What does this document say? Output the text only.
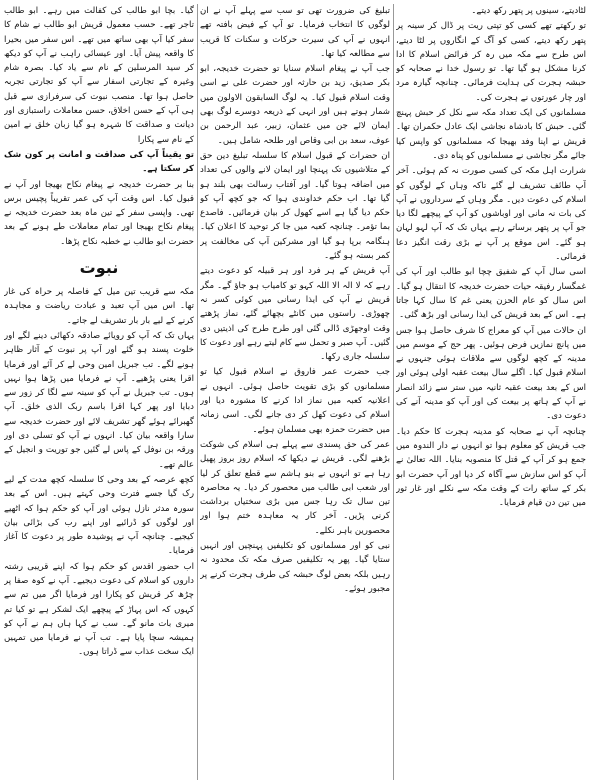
گیا۔ بچا ابو طالب کی کفالت میں رہے۔ ابو طالب تاجر تھے۔ حسب معمول قریش ابو طالب نے شام کا سفر کیا آپ بھی ساتھ میں تھے۔ اس سفر میں بحیرا کا واقعہ پیش آیا۔ اور عیسائی راہب نے آپ کو دیکھ کر سید المرسلین کے نام سے یاد کیا۔ بصرہ شام وغیرہ کے تجارتی اسفار سے آپ کو تجارتی تجربہ حاصل ہوا تھا۔ منصب نبوت کی سرفرازی سے قبل ہی آپ کے حسن اخلاق، حسن معاملات راستبازی اور دیانت و صداقت کا شہرہ ہو گیا زبان خلق نے امین کے نام سے پکارا

تو یقیناً آپ کی صداقت و امانت پر کون شک کر سکتا ہے۔

بنا بر حضرت خدیجہ نے پیغام نکاح بھیجا اور آپ نے قبول کیا۔ اس وقت آپ کی عمر تقریباً پچیس برس تھی۔ واپسی سفر کے تین ماہ بعد حضرت خدیجہ نے پیغام نکاح بھیجا اور تمام معاملات طے ہونے کے بعد حضرت ابو طالب نے خطبہ نکاح پڑھا۔

نبوت

مکہ سے قریب تین میل کے فاصلہ پر حراہ کی غار تھا۔ اس میں آپ تعبد و عبادت ریاضت و مجاہدہ کرنے کے لیے بار بار تشریف لے جاتے۔

یہاں تک کہ آپ کو رویائے صادقہ دکھائی دینے لگے اور خلوت پسند ہو گئے اور آپ پر نبوت کے آثار ظاہر ہونے لگے۔ تب جبریل امین وحی لے کر آئے اور فرمایا اقرا یعنی پڑھیے۔ آپ نے فرمایا میں پڑھا ہوا نہیں ہوں۔ تب جبریل نے آپ کو سینہ سے لگا کر زور سے دبایا اور پھر کہا اقرا باسم ربک الذی خلق۔ آپ گھبرائے ہوئے گھر تشریف لائے اور حضرت خدیجہ سے سارا واقعہ بیان کیا۔ انہوں نے آپ کو تسلی دی اور ورقہ بن نوفل کے پاس لے گئیں جو توریت و انجیل کے عالم تھے۔

کچھ عرصہ کے بعد وحی کا سلسلہ کچھ مدت کے لیے رک گیا جسے فترت وحی کہتے ہیں۔ اس کے بعد سورہ مدثر نازل ہوئی اور آپ کو حکم ہوا کہ اٹھیے اور لوگوں کو ڈرائیے اور اپنے رب کی بڑائی بیان کیجیے۔ چنانچہ آپ نے پوشیدہ طور پر دعوت کا آغاز فرمایا۔

اب حضور اقدس کو حکم ہوا کہ اپنے قریبی رشتہ داروں کو اسلام کی دعوت دیجیے۔ آپ نے کوہ صفا پر چڑھ کر قریش کو پکارا اور فرمایا اگر میں تم سے کہوں کہ اس پہاڑ کے پیچھے ایک لشکر ہے تو کیا تم میری بات مانو گے۔ سب نے کہا ہاں ہم نے آپ کو ہمیشہ سچا پایا ہے۔ تب آپ نے فرمایا میں تمہیں ایک سخت عذاب سے ڈراتا ہوں۔

تبلیغ کی ضرورت تھی تو سب سے پہلے آپ نے ان لوگوں کا انتخاب فرمایا۔ تو آپ کے فیض بافتہ تھے انہوں نے آپ کی سیرت حرکات و سکنات کا قریب سے مطالعہ کیا تھا۔

جب آپ نے پیغام اسلام سنایا تو حضرت خدیجہ، ابو بکر صدیق، زید بن حارثہ اور حضرت علی نے اسی وقت اسلام قبول کیا۔ یہ لوگ السابقون الاولون میں شمار ہوتے ہیں اور انہی کے ذریعہ دوسرے لوگ بھی ایمان لائے جن میں عثمان، زبیر، عبد الرحمن بن عوف، سعد بن ابی وقاص اور طلحہ شامل ہیں۔

ان حضرات کے قبول اسلام کا سلسلہ تبلیغ دین حق کے متلاشیوں تک پہنچا اور ایمان لانے والوں کی تعداد میں اضافہ ہوتا گیا۔ اور آفتاب رسالت بھی بلند ہو گیا تھا۔ اب حکم خداوندی ہوا کہ جو کچھ آپ کو حکم دیا گیا ہے اسے کھول کر بیان فرمائیں۔ فاصدع بما تؤمر۔ چنانچہ کعبہ میں جا کر توحید کا اعلان کیا۔ ہنگامہ برپا ہو گیا اور مشرکین آپ کی مخالفت پر کمر بستہ ہو گئے۔

آپ قریش کے ہر فرد اور ہر قبیلہ کو دعوت دیتے رہے کہ لا الہ الا اللہ کہو تو کامیاب ہو جاؤ گے۔ مگر قریش نے آپ کی ایذا رسانی میں کوئی کسر نہ چھوڑی۔ راستوں میں کانٹے بچھائے گئے، نماز پڑھتے وقت اوجھڑی ڈالی گئی اور طرح طرح کی اذیتیں دی گئیں۔ آپ صبر و تحمل سے کام لیتے رہے اور دعوت کا سلسلہ جاری رکھا۔

جب حضرت عمر فاروق نے اسلام قبول کیا تو مسلمانوں کو بڑی تقویت حاصل ہوئی۔ انہوں نے اعلانیہ کعبہ میں نماز ادا کرنے کا مشورہ دیا اور اسلام کی دعوت کھل کر دی جانے لگی۔ اسی زمانہ میں حضرت حمزہ بھی مسلمان ہوئے۔

عمر کی حق پسندی سے پہلے ہی اسلام کی شوکت بڑھنے لگی۔ قریش نے دیکھا کہ اسلام روز بروز پھیل رہا ہے تو انہوں نے بنو ہاشم سے قطع تعلق کر لیا اور شعب ابی طالب میں محصور کر دیا۔ یہ محاصرہ تین سال تک رہا جس میں بڑی سختیاں برداشت کرنی پڑیں۔ آخر کار یہ معاہدہ ختم ہوا اور محصورین باہر نکلے۔

نبی کو اور مسلمانوں کو تکلیفیں پہنچیں اور انہیں ستایا گیا۔ پھر یہ تکلیفیں صرف مکہ تک محدود نہ رہیں بلکہ بعض لوگ حبشہ کی طرف ہجرت کرنے پر مجبور ہوئے۔

لٹادیتے، سینوں پر پتھر رکھ دیتے۔

تو رکھتے تھے کسی کو تپتی ریت پر ڈال کر سینہ پر پتھر رکھ دیتے، کسی کو آگ کے انگاروں پر لٹا دیتے، اس طرح سے مکہ میں رہ کر فرائض اسلام کا ادا کرنا مشکل ہو گیا تھا۔ تو رسول خدا نے صحابہ کو حبشہ ہجرت کی ہدایت فرمائی۔ چنانچہ گیارہ مرد اور چار عورتوں نے ہجرت کی۔

مسلمانوں کی ایک تعداد مکہ سے نکل کر حبش پہنچ گئی۔ حبش کا بادشاہ نجاشی ایک عادل حکمران تھا۔ قریش نے اپنا وفد بھیجا کہ مسلمانوں کو واپس کیا جائے مگر نجاشی نے مسلمانوں کو پناہ دی۔

شرارت اہل مکہ کی کسی صورت نہ کم ہوئی۔ آخر آپ طائف تشریف لے گئے تاکہ وہاں کے لوگوں کو اسلام کی دعوت دیں۔ مگر وہاں کے سرداروں نے آپ کی بات نہ مانی اور اوباشوں کو آپ کے پیچھے لگا دیا جو آپ پر پتھر برساتے رہے یہاں تک کہ آپ لہو لہان ہو گئے۔ اس موقع پر آپ نے بڑی رقت انگیز دعا فرمائی۔

اسی سال آپ کے شفیق چچا ابو طالب اور آپ کی غمگسار رفیقہ حیات حضرت خدیجہ کا انتقال ہو گیا۔ اس سال کو عام الحزن یعنی غم کا سال کہا جاتا ہے۔ اس کے بعد قریش کی ایذا رسانی اور بڑھ گئی۔

ان حالات میں آپ کو معراج کا شرف حاصل ہوا جس میں پانچ نمازیں فرض ہوئیں۔ پھر حج کے موسم میں مدینہ کے کچھ لوگوں سے ملاقات ہوئی جنہوں نے اسلام قبول کیا۔ اگلے سال بیعت عقبہ اولی ہوئی اور اس کے بعد بیعت عقبہ ثانیہ میں ستر سے زائد انصار نے آپ کے ہاتھ پر بیعت کی اور آپ کو مدینہ آنے کی دعوت دی۔

چنانچہ آپ نے صحابہ کو مدینہ ہجرت کا حکم دیا۔ جب قریش کو معلوم ہوا تو انہوں نے دار الندوہ میں جمع ہو کر آپ کے قتل کا منصوبہ بنایا۔ اللہ تعالیٰ نے آپ کو اس سازش سے آگاہ کر دیا اور آپ حضرت ابو بکر کے ساتھ رات کے وقت مکہ سے نکلے اور غار ثور میں تین دن قیام فرمایا۔
